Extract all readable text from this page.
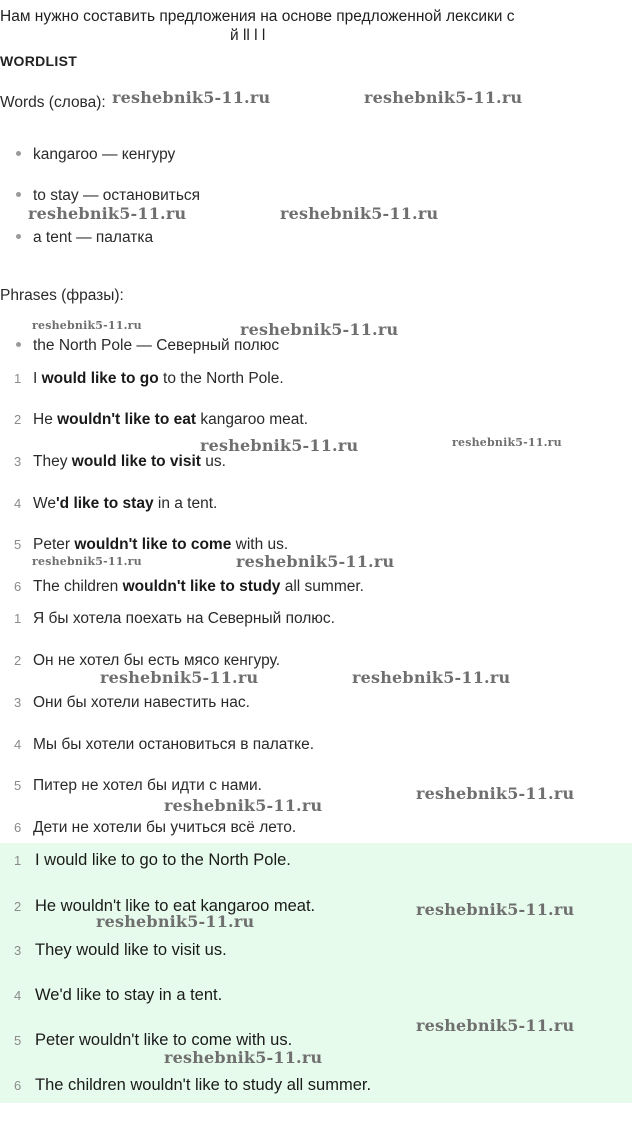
Нам нужно составить предложения на основе предложенной лексики с
й ll l l
WORDLIST
Words (слова):
kangaroo — кенгуру
to stay — остановиться
a tent — палатка
Phrases (фразы):
the North Pole — Северный полюс
1 I would like to go to the North Pole.
2 He wouldn't like to eat kangaroo meat.
3 They would like to visit us.
4 We'd like to stay in a tent.
5 Peter wouldn't like to come with us.
6 The children wouldn't like to study all summer.
1 Я бы хотела поехать на Северный полюс.
2 Он не хотел бы есть мясо кенгуру.
3 Они бы хотели навестить нас.
4 Мы бы хотели остановиться в палатке.
5 Питер не хотел бы идти с нами.
6 Дети не хотели бы учиться всё лето.
1 I would like to go to the North Pole.
2 He wouldn't like to eat kangaroo meat.
3 They would like to visit us.
4 We'd like to stay in a tent.
5 Peter wouldn't like to come with us.
6 The children wouldn't like to study all summer.
reshebnik5-11.ru	reshebnik5-11.ru
reshebnik5-11.ru	reshebnik5-11.ru
reshebnik5-11.ru	reshebnik5-11.ru
reshebnik5-11.ru	reshebnik5-11.ru
reshebnik5-11.ru	reshebnik5-11.ru
reshebnik5-11.ru	reshebnik5-11.ru
reshebnik5-11.ru
reshebnik5-11.ru
reshebnik5-11.ru
reshebnik5-11.ru
reshebnik5-11.ru
reshebnik5-11.ru
